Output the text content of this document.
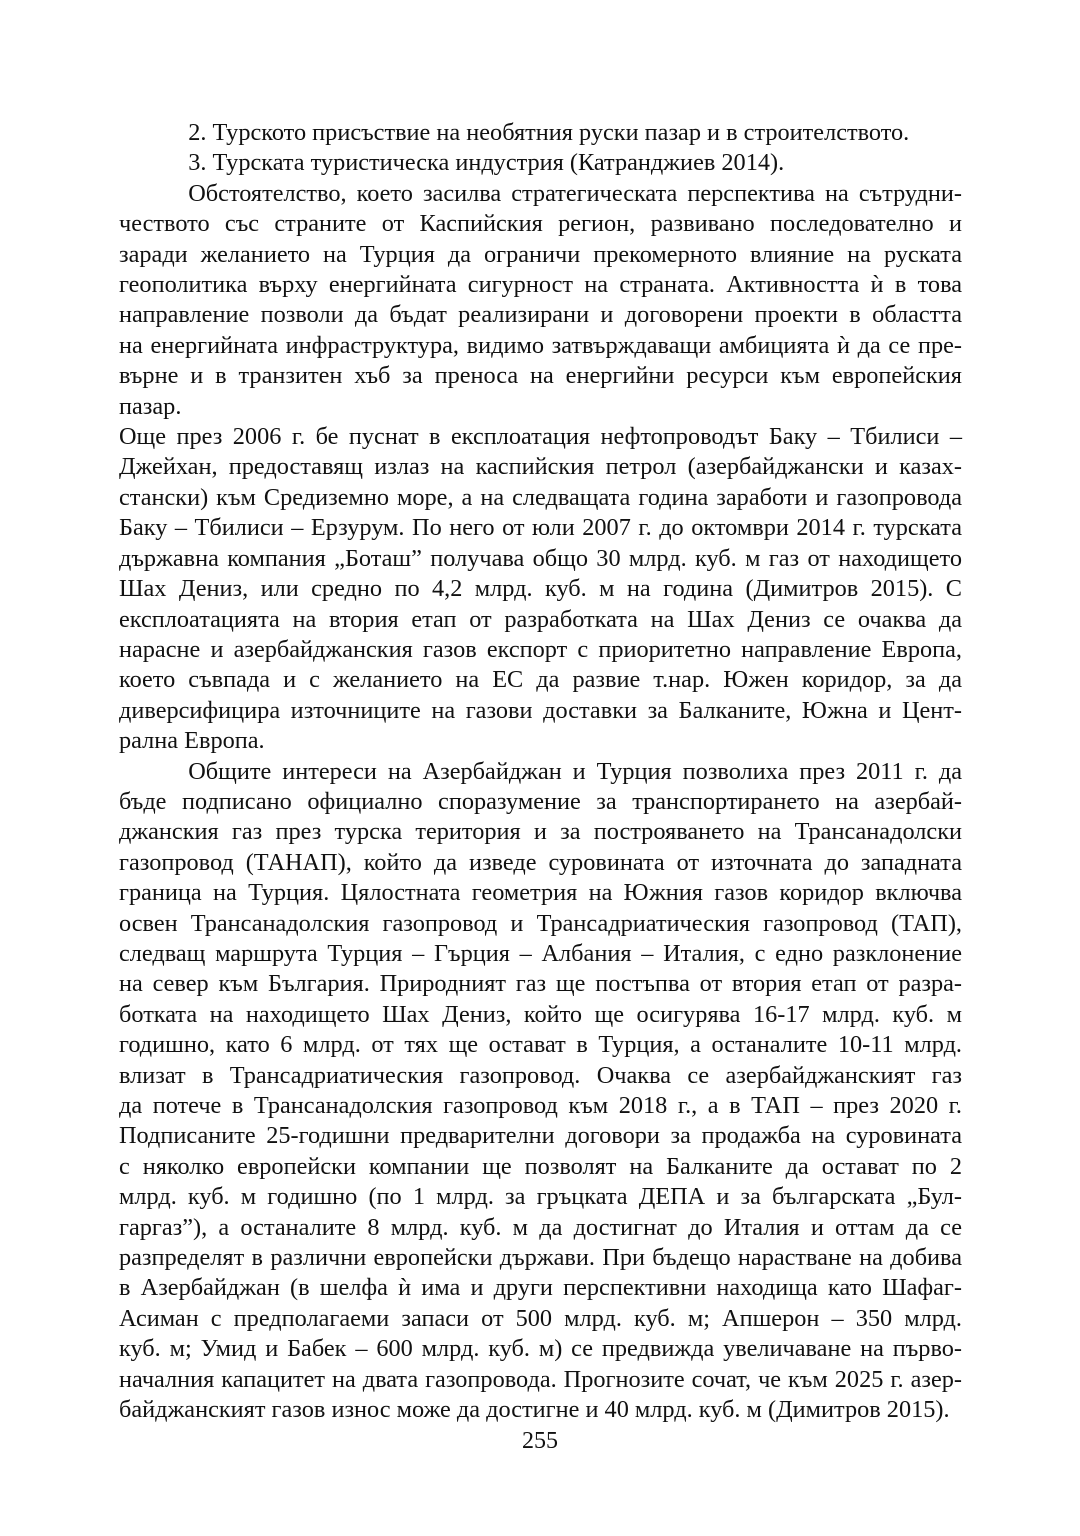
2. Турското присъствие на необятния руски пазар и в строителството.

3. Турската туристическа индустрия (Катранджиев 2014).

Обстоятелство, което засилва стратегическата перспектива на сътрудни-

чеството със страните от Каспийския регион, развивано последователно и

заради желанието на Турция да ограничи прекомерното влияние на руската

геополитика върху енергийната сигурност на страната. Активността ѝ в това

направление позволи да бъдат реализирани и договорени проекти в областта

на енергийната инфраструктура, видимо затвърждаващи амбицията ѝ да се пре-

върне и в транзитен хъб за преноса на енергийни ресурси към европейския пазар.

Още през 2006 г. бе пуснат в експлоатация нефтопроводът Баку – Тбилиси –

Джейхан, предоставящ излаз на каспийския петрол (азербайджански и казах-

стански) към Средиземно море, а на следващата година заработи и газопровода

Баку – Тбилиси – Ерзурум. По него от юли 2007 г. до октомври 2014 г. турската

държавна компания „Боташ” получава общо 30 млрд. куб. м газ от находището

Шах Дениз, или средно по 4,2 млрд. куб. м на година (Димитров 2015). С

експлоатацията на втория етап от разработката на Шах Дениз се очаква да

нарасне и азербайджанския газов експорт с приоритетно направление Европа,

което съвпада и с желанието на ЕС да развие т.нар. Южен коридор, за да

диверсифицира източниците на газови доставки за Балканите, Южна и Цент-

рална Европа.

Общите интереси на Азербайджан и Турция позволиха през 2011 г. да

бъде подписано официално споразумение за транспортирането на азербай-

джанския газ през турска територия и за построяването на Трансанадолски

газопровод (ТАНАП), който да изведе суровината от източната до западната

граница на Турция. Цялостната геометрия на Южния газов коридор включва

освен Трансанадолския газопровод и Трансадриатическия газопровод (ТАП),

следващ маршрута Турция – Гърция – Албания – Италия, с едно разклонение

на север към България. Природният газ ще постъпва от втория етап от разра-

ботката на находището Шах Дениз, който ще осигурява 16-17 млрд. куб. м

годишно, като 6 млрд. от тях ще остават в Турция, а останалите 10-11 млрд.

влизат в Трансадриатическия газопровод. Очаква се азербайджанският газ

да потече в Трансанадолския газопровод към 2018 г., а в ТАП – през 2020 г.

Подписаните 25-годишни предварителни договори за продажба на суровината

с няколко европейски компании ще позволят на Балканите да остават по 2

млрд. куб. м годишно (по 1 млрд. за гръцката ДЕПА и за българската „Бул-

гаргаз”), а останалите 8 млрд. куб. м да достигнат до Италия и оттам да се

разпределят в различни европейски държави. При бъдещо нарастване на добива

в Азербайджан (в шелфа ѝ има и други перспективни находища като Шафаг-

Асиман с предполагаеми запаси от 500 млрд. куб. м; Апшерон – 350 млрд.

куб. м; Умид и Бабек – 600 млрд. куб. м) се предвижда увеличаване на първо-

началния капацитет на двата газопровода. Прогнозите сочат, че към 2025 г. азер-

байджанският газов износ може да достигне и 40 млрд. куб. м (Димитров 2015).

255
